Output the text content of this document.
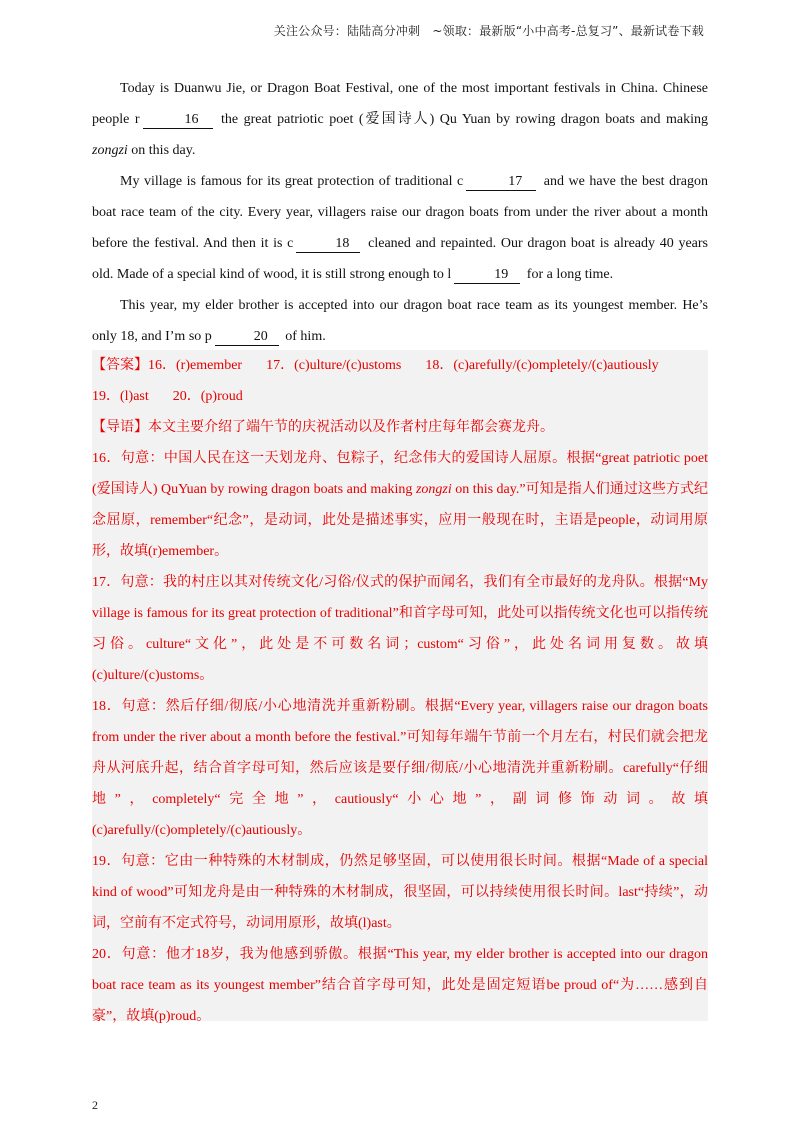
关注公众号：陆陆高分冲刺　~领取：最新版“小中高考-总复习”、最新试卷下载

Today is Duanwu Jie, or Dragon Boat Festival, one of the most important festivals in China. Chinese people r	16 the great patriotic poet (爱国诗人) Qu Yuan by rowing dragon boats and making zongzi on this day.

My village is famous for its great protection of traditional c	17 and we have the best dragon boat race team of the city. Every year, villagers raise our dragon boats from under the river about a month before the festival. And then it is c	18 cleaned and repainted. Our dragon boat is already 40 years old. Made of a special kind of wood, it is still strong enough to l	19 for a long time.

This year, my elder brother is accepted into our dragon boat race team as its youngest member. He’s only 18, and I’m so p	20 of him.

【答案】16．(r)emember 17．(c)ulture/(c)ustoms 18．(c)arefully/(c)ompletely/(c)autiously
19．(l)ast 20．(p)roud

【导语】本文主要介绍了端午节的庆祝活动以及作者村庄每年都会赛龙舟。

16．句意：中国人民在这一天划龙舟、包粽子，纪念伟大的爱国诗人屈原。根据“great patriotic poet (爱国诗人) QuYuan by rowing dragon boats and making zongzi on this day.”可知是指人们通过这些方式纪念屈原，remember“纪念”，是动词，此处是描述事实，应用一般现在时，主语是people，动词用原形，故填(r)emember。

17．句意：我的村庄以其对传统文化/习俗/仪式的保护而闻名，我们有全市最好的龙舟队。根据“My village is famous for its great protection of traditional”和首字母可知，此处可以指传统文化也可以指传统习俗。culture“文化”，此处是不可数名词；custom“习俗”，此处名词用复数。故填(c)ulture/(c)ustoms。

18．句意：然后仔细/彻底/小心地清洗并重新粉刷。根据“Every year, villagers raise our dragon boats from under the river about a month before the festival.”可知每年端午节前一个月左右，村民们就会把龙舟从河底升起，结合首字母可知，然后应该是要仔细/彻底/小心地清洗并重新粉刷。carefully“仔细地”，completely“完全地”，cautiously“小心地”，副词修饰动词。故填(c)arefully/(c)ompletely/(c)autiously。

19．句意：它由一种特殊的木材制成，仍然足够坚固，可以使用很长时间。根据“Made of a special kind of wood”可知龙舟是由一种特殊的木材制成，很坚固，可以持续使用很长时间。last“持续”，动词，空前有不定式符号，动词用原形，故填(l)ast。

20．句意：他才18岁，我为他感到骄傲。根据“This year, my elder brother is accepted into our dragon boat race team as its youngest member”结合首字母可知，此处是固定短语be proud of“为……感到自豪”，故填(p)roud。

2
